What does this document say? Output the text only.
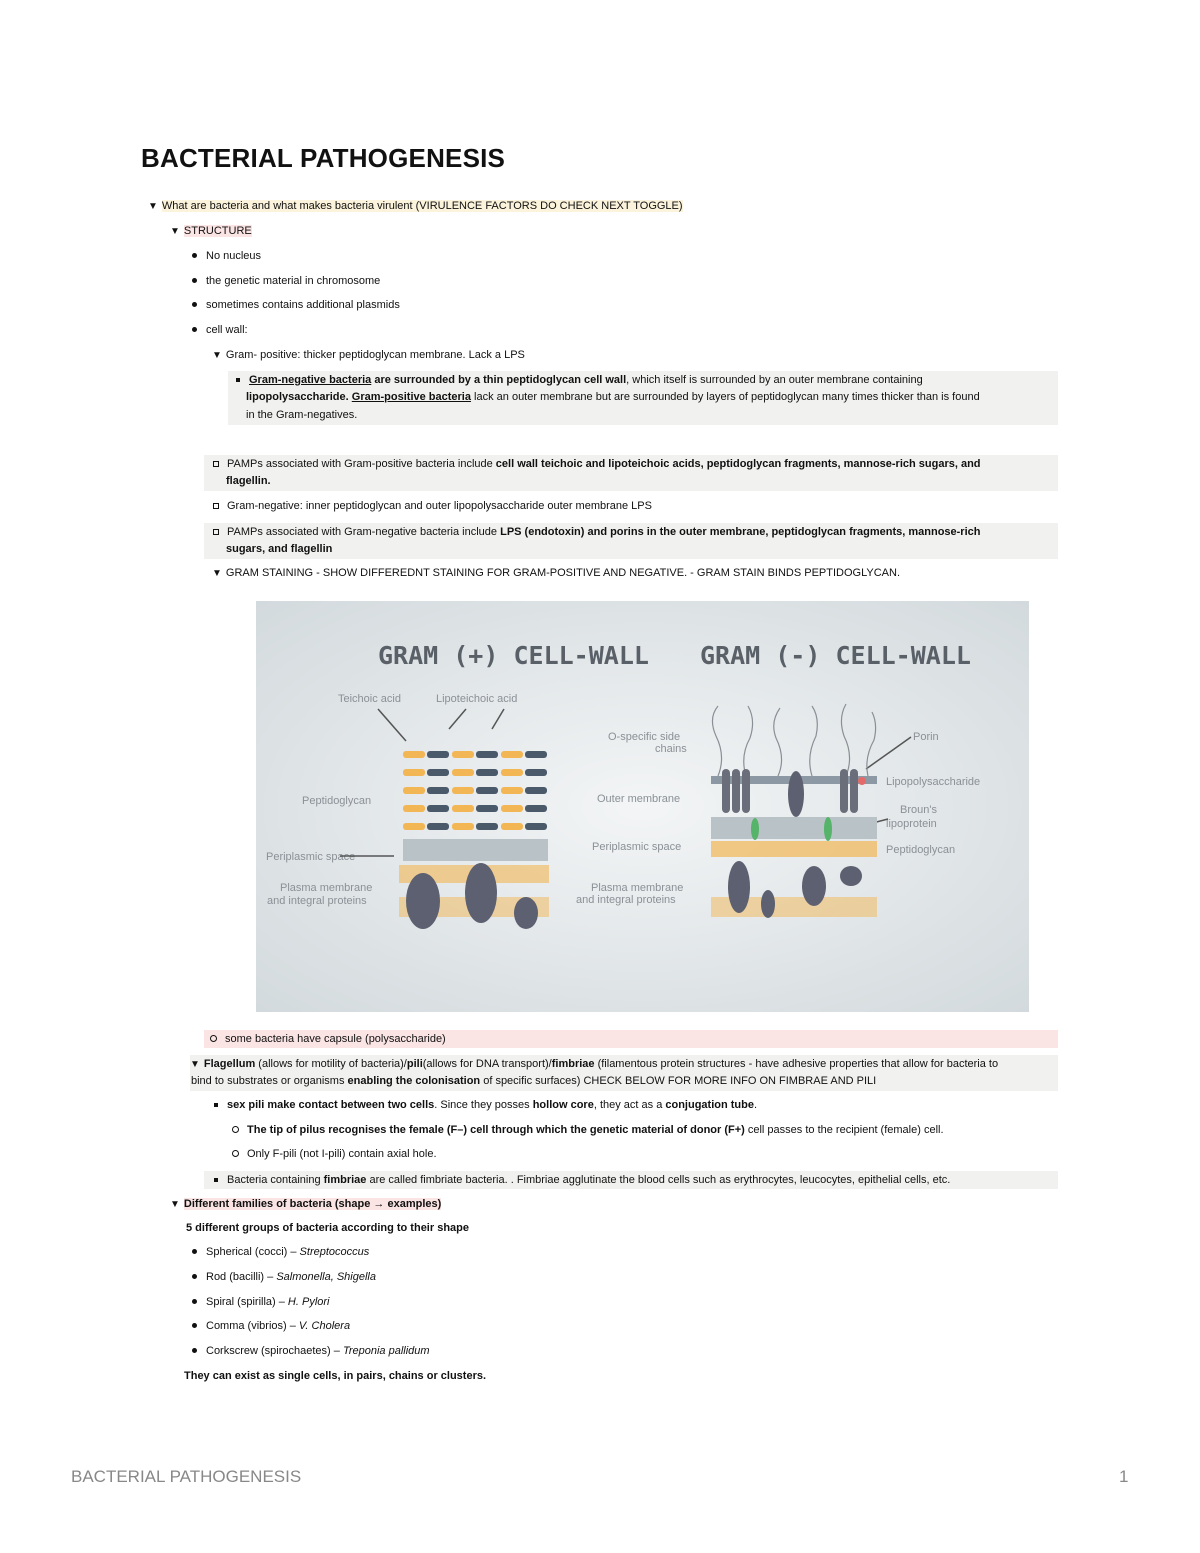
BACTERIAL PATHOGENESIS
▼ What are bacteria and what makes bacteria virulent (VIRULENCE FACTORS DO CHECK NEXT TOGGLE)
▼ STRUCTURE
No nucleus
the genetic material in chromosome
sometimes contains additional plasmids
cell wall:
▼ Gram- positive: thicker peptidoglycan membrane. Lack a LPS
Gram-negative bacteria are surrounded by a thin peptidoglycan cell wall, which itself is surrounded by an outer membrane containing
lipopolysaccharide. Gram-positive bacteria lack an outer membrane but are surrounded by layers of peptidoglycan many times thicker than is found
in the Gram-negatives.
PAMPs associated with Gram-positive bacteria include cell wall teichoic and lipoteichoic acids, peptidoglycan fragments, mannose-rich sugars, and
flagellin.
Gram-negative: inner peptidoglycan and outer lipopolysaccharide outer membrane LPS
PAMPs associated with Gram-negative bacteria include LPS (endotoxin) and porins in the outer membrane, peptidoglycan fragments, mannose-rich
sugars, and flagellin
▼ GRAM STAINING - SHOW DIFFEREDNT STAINING FOR GRAM-POSITIVE AND NEGATIVE. - GRAM STAIN BINDS PEPTIDOGLYCAN.
GRAM (+) CELL-WALL GRAM (-) CELL-WALL
Teichoic acid	Lipoteichoic acid
Peptidoglycan
Periplasmic space
Plasma membrane
and integral proteins
O-specific side
chains
Outer membrane
Periplasmic space
Plasma membrane
and integral proteins
Porin
Lipopolysaccharide
Broun's
lipoprotein
Peptidoglycan
some bacteria have capsule (polysaccharide)
▼ Flagellum (allows for motility of bacteria)/pili(allows for DNA transport)/fimbriae (filamentous protein structures - have adhesive properties that allow for bacteria to
bind to substrates or organisms enabling the colonisation of specific surfaces) CHECK BELOW FOR MORE INFO ON FIMBRAE AND PILI
sex pili make contact between two cells. Since they posses hollow core, they act as a conjugation tube.
The tip of pilus recognises the female (F–) cell through which the genetic material of donor (F+) cell passes to the recipient (female) cell.
Only F-pili (not I-pili) contain axial hole.
Bacteria containing fimbriae are called fimbriate bacteria. . Fimbriae agglutinate the blood cells such as erythrocytes, leucocytes, epithelial cells, etc.
▼ Different families of bacteria (shape → examples)
5 different groups of bacteria according to their shape
Spherical (cocci) – Streptococcus
Rod (bacilli) – Salmonella, Shigella
Spiral (spirilla) – H. Pylori
Comma (vibrios) – V. Cholera
Corkscrew (spirochaetes) – Treponia pallidum
They can exist as single cells, in pairs, chains or clusters.
BACTERIAL PATHOGENESIS	1
